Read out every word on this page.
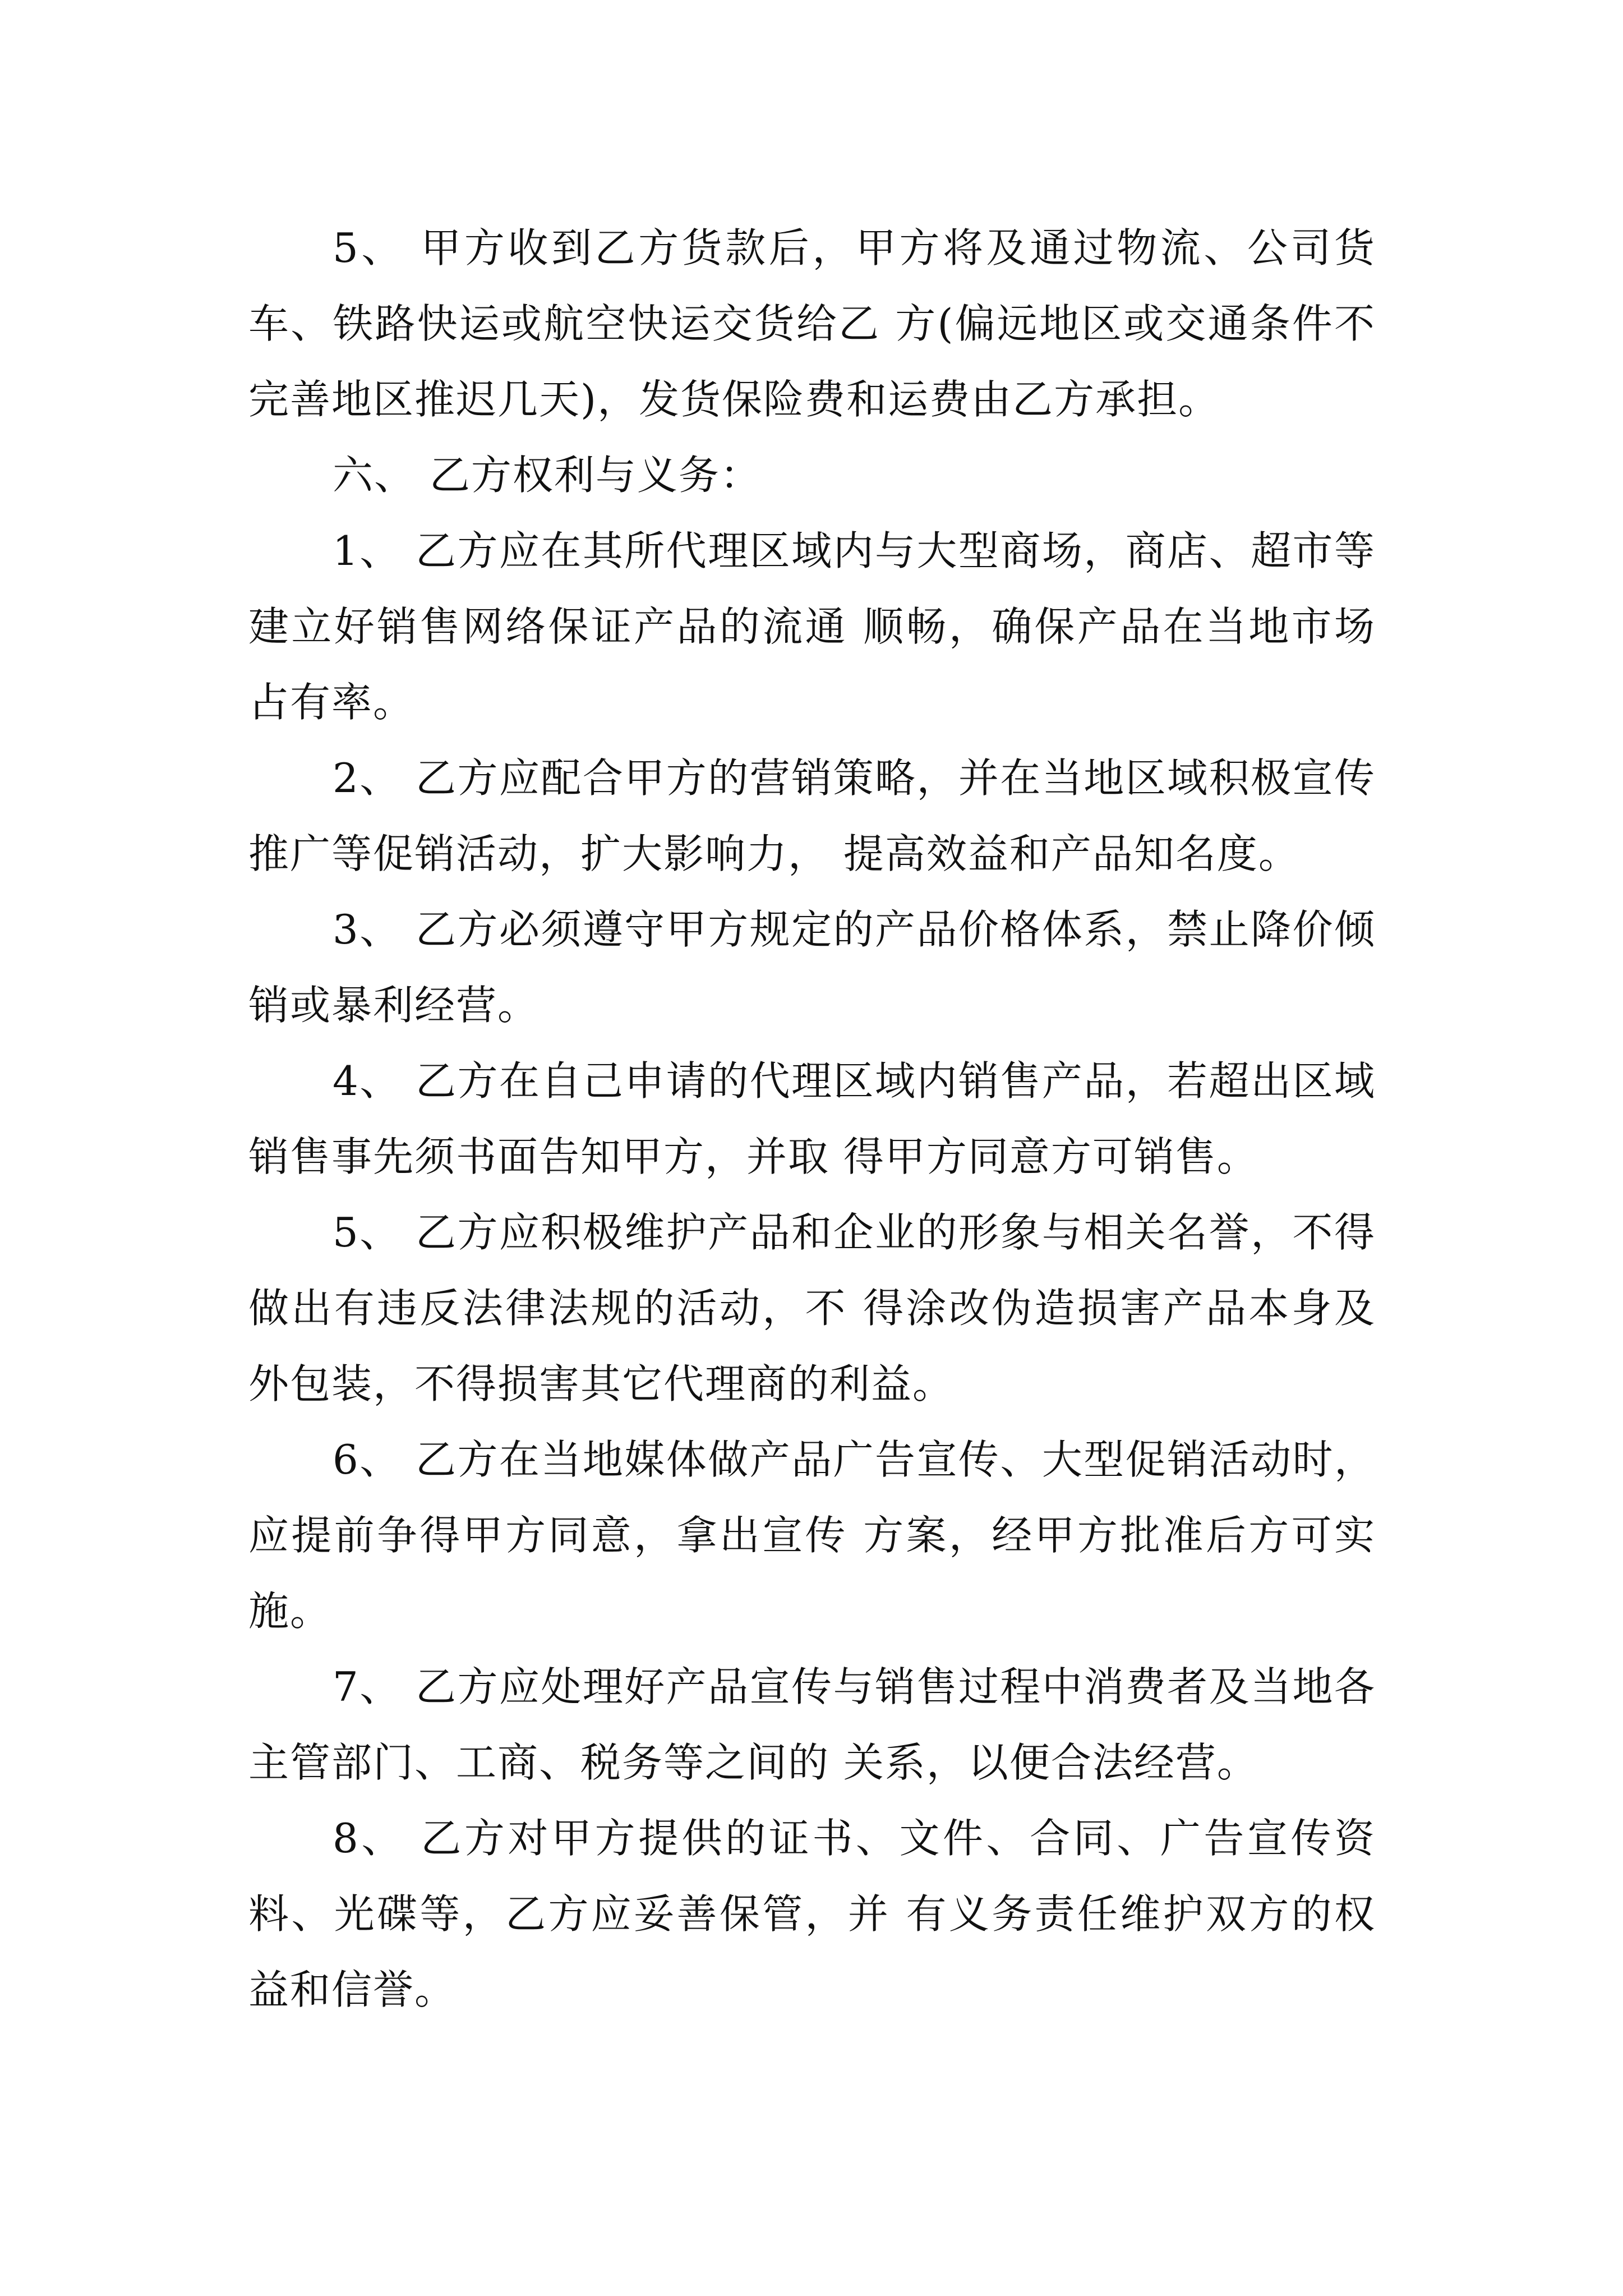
5、 甲方收到乙方货款后，甲方将及通过物流、公司货车、铁路快运或航空快运交货给乙 方(偏远地区或交通条件不完善地区推迟几天)，发货保险费和运费由乙方承担。

六、 乙方权利与义务：

1、 乙方应在其所代理区域内与大型商场，商店、超市等建立好销售网络保证产品的流通 顺畅，确保产品在当地市场占有率。

2、 乙方应配合甲方的营销策略，并在当地区域积极宣传推广等促销活动，扩大影响力， 提高效益和产品知名度。

3、 乙方必须遵守甲方规定的产品价格体系，禁止降价倾销或暴利经营。

4、 乙方在自己申请的代理区域内销售产品，若超出区域销售事先须书面告知甲方，并取 得甲方同意方可销售。

5、 乙方应积极维护产品和企业的形象与相关名誉，不得做出有违反法律法规的活动，不 得涂改伪造损害产品本身及外包装，不得损害其它代理商的利益。

6、 乙方在当地媒体做产品广告宣传、大型促销活动时，应提前争得甲方同意，拿出宣传 方案，经甲方批准后方可实施。

7、 乙方应处理好产品宣传与销售过程中消费者及当地各主管部门、工商、税务等之间的 关系，以便合法经营。

8、 乙方对甲方提供的证书、文件、合同、广告宣传资料、光碟等，乙方应妥善保管，并 有义务责任维护双方的权益和信誉。
